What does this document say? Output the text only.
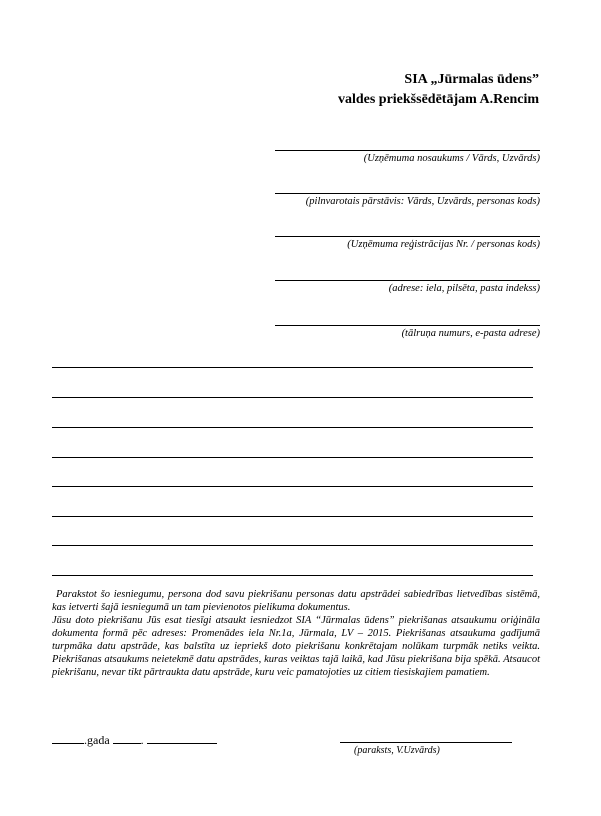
SIA „Jūrmalas ūdens”
valdes priekšsēdētājam A.Rencim
(Uzņēmuma nosaukums / Vārds, Uzvārds)
(pilnvarotais pārstāvis: Vārds, Uzvārds, personas kods)
(Uzņēmuma reģistrācijas Nr. / personas kods)
(adrese: iela, pilsēta, pasta indekss)
(tālruņa numurs, e-pasta adrese)

Parakstot šo iesniegumu, persona dod savu piekrišanu personas datu apstrādei sabiedrības lietvedības sistēmā, kas ietverti šajā iesniegumā un tam pievienotos pielikuma dokumentus.

Jūsu doto piekrišanu Jūs esat tiesīgi atsaukt iesniedzot SIA “Jūrmalas ūdens” piekrišanas atsaukumu oriģināla dokumenta formā pēc adreses: Promenādes iela Nr.1a, Jūrmala, LV – 2015. Piekrišanas atsaukuma gadījumā turpmāka datu apstrāde, kas balstīta uz iepriekš doto piekrišanu konkrētajam nolūkam turpmāk netiks veikta. Piekrišanas atsaukums neietekmē datu apstrādes, kuras veiktas tajā laikā, kad Jūsu piekrišana bija spēkā. Atsaucot piekrišanu, nevar tikt pārtraukta datu apstrāde, kuru veic pamatojoties uz citiem tiesiskajiem pamatiem.

.gada	.
(paraksts, V.Uzvārds)
